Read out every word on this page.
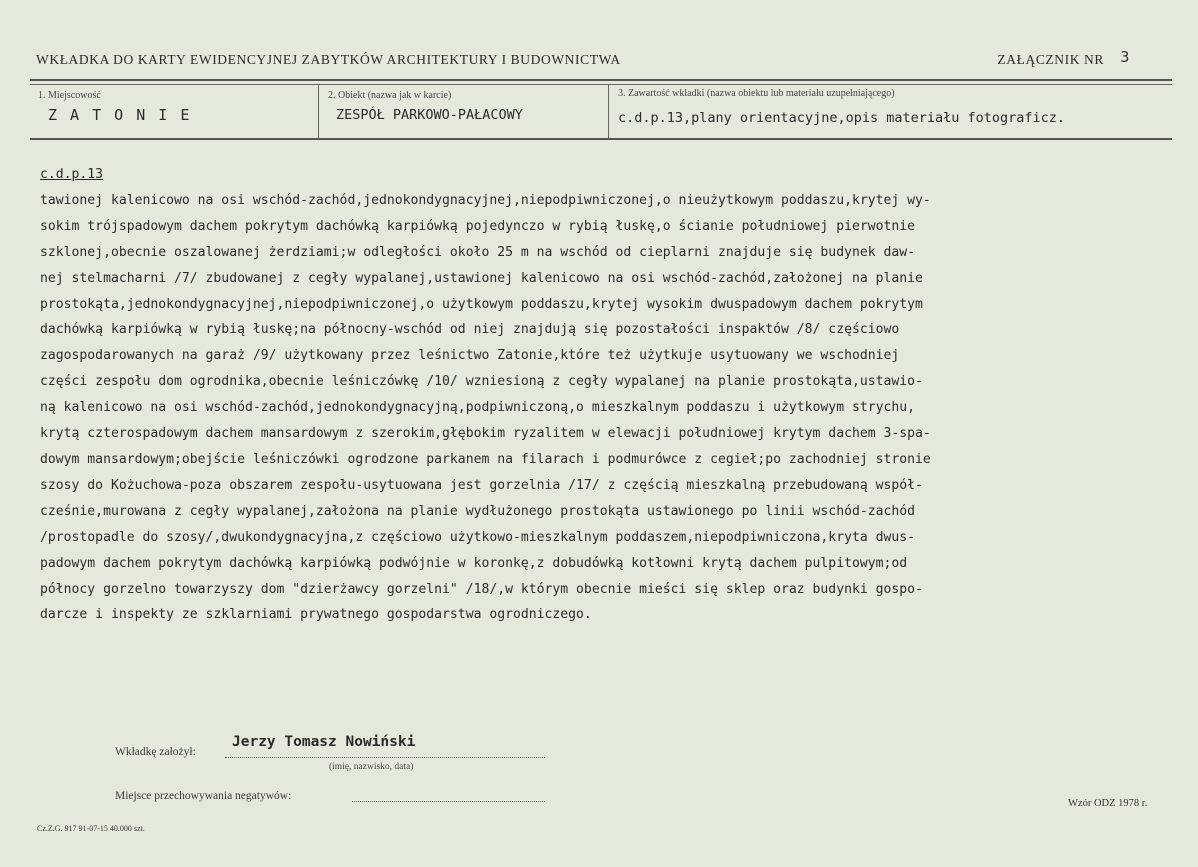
WKŁADKA DO KARTY EWIDENCYJNEJ ZABYTKÓW ARCHITEKTURY I BUDOWNICTWA	ZAŁĄCZNIK NR 3
1. Miejscowość
Z A T O N I E
2. Obiekt (nazwa jak w karcie)
ZESPÓŁ PARKOWO-PAŁACOWY
3. Zawartość wkładki (nazwa obiektu lub materiału uzupełniającego)
c.d.p.13,plany orientacyjne,opis materiału fotograficz.
c.d.p.13
tawionej kalenicowo na osi wschód-zachód,jednokondygnacyjnej,niepodpiwniczonej,o nieużytkowym poddaszu,krytej wy-
sokim trójspadowym dachem pokrytym dachówką karpiówką pojedynczo w rybią łuskę,o ścianie południowej pierwotnie
szklonej,obecnie oszalowanej żerdziami;w odległości około 25 m na wschód od cieplarni znajduje się budynek daw-
nej stelmacharni /7/ zbudowanej z cegły wypalanej,ustawionej kalenicowo na osi wschód-zachód,założonej na planie
prostokąta,jednokondygnacyjnej,niepodpiwniczonej,o użytkowym poddaszu,krytej wysokim dwuspadowym dachem pokrytym
dachówką karpiówką w rybią łuskę;na północny-wschód od niej znajdują się pozostałości inspaktów /8/ częściowo
zagospodarowanych na garaż /9/ użytkowany przez leśnictwo Zatonie,które też użytkuje usytuowany we wschodniej
części zespołu dom ogrodnika,obecnie leśniczówkę /10/ wzniesioną z cegły wypalanej na planie prostokąta,ustawio-
ną kalenicowo na osi wschód-zachód,jednokondygnacyjną,podpiwniczoną,o mieszkalnym poddaszu i użytkowym strychu,
krytą czterospadowym dachem mansardowym z szerokim,głębokim ryzalitem w elewacji południowej krytym dachem 3-spa-
dowym mansardowym;obejście leśniczówki ogrodzone parkanem na filarach i podmurówce z cegieł;po zachodniej stronie
szosy do Kożuchowa-poza obszarem zespołu-usytuowana jest gorzelnia /17/ z częścią mieszkalną przebudowaną współ-
cześnie,murowana z cegły wypalanej,założona na planie wydłużonego prostokąta ustawionego po linii wschód-zachód
/prostopadle do szosy/,dwukondygnacyjna,z częściowo użytkowo-mieszkalnym poddaszem,niepodpiwniczona,kryta dwus-
padowym dachem pokrytym dachówką karpiówką podwójnie w koronkę,z dobudówką kotłowni krytą dachem pulpitowym;od
północy gorzelno towarzyszy dom "dzierżawcy gorzelni" /18/,w którym obecnie mieści się sklep oraz budynki gospo-
darcze i inspekty ze szklarniami prywatnego gospodarstwa ogrodniczego.
Wkładkę założył:
Jerzy Tomasz Nowiński
(imię, nazwisko, data)
Miejsce przechowywania negatywów:
Wzór ODZ 1978 r.
Cz.Z.G. 917 91-07-15 40.000 szt.
